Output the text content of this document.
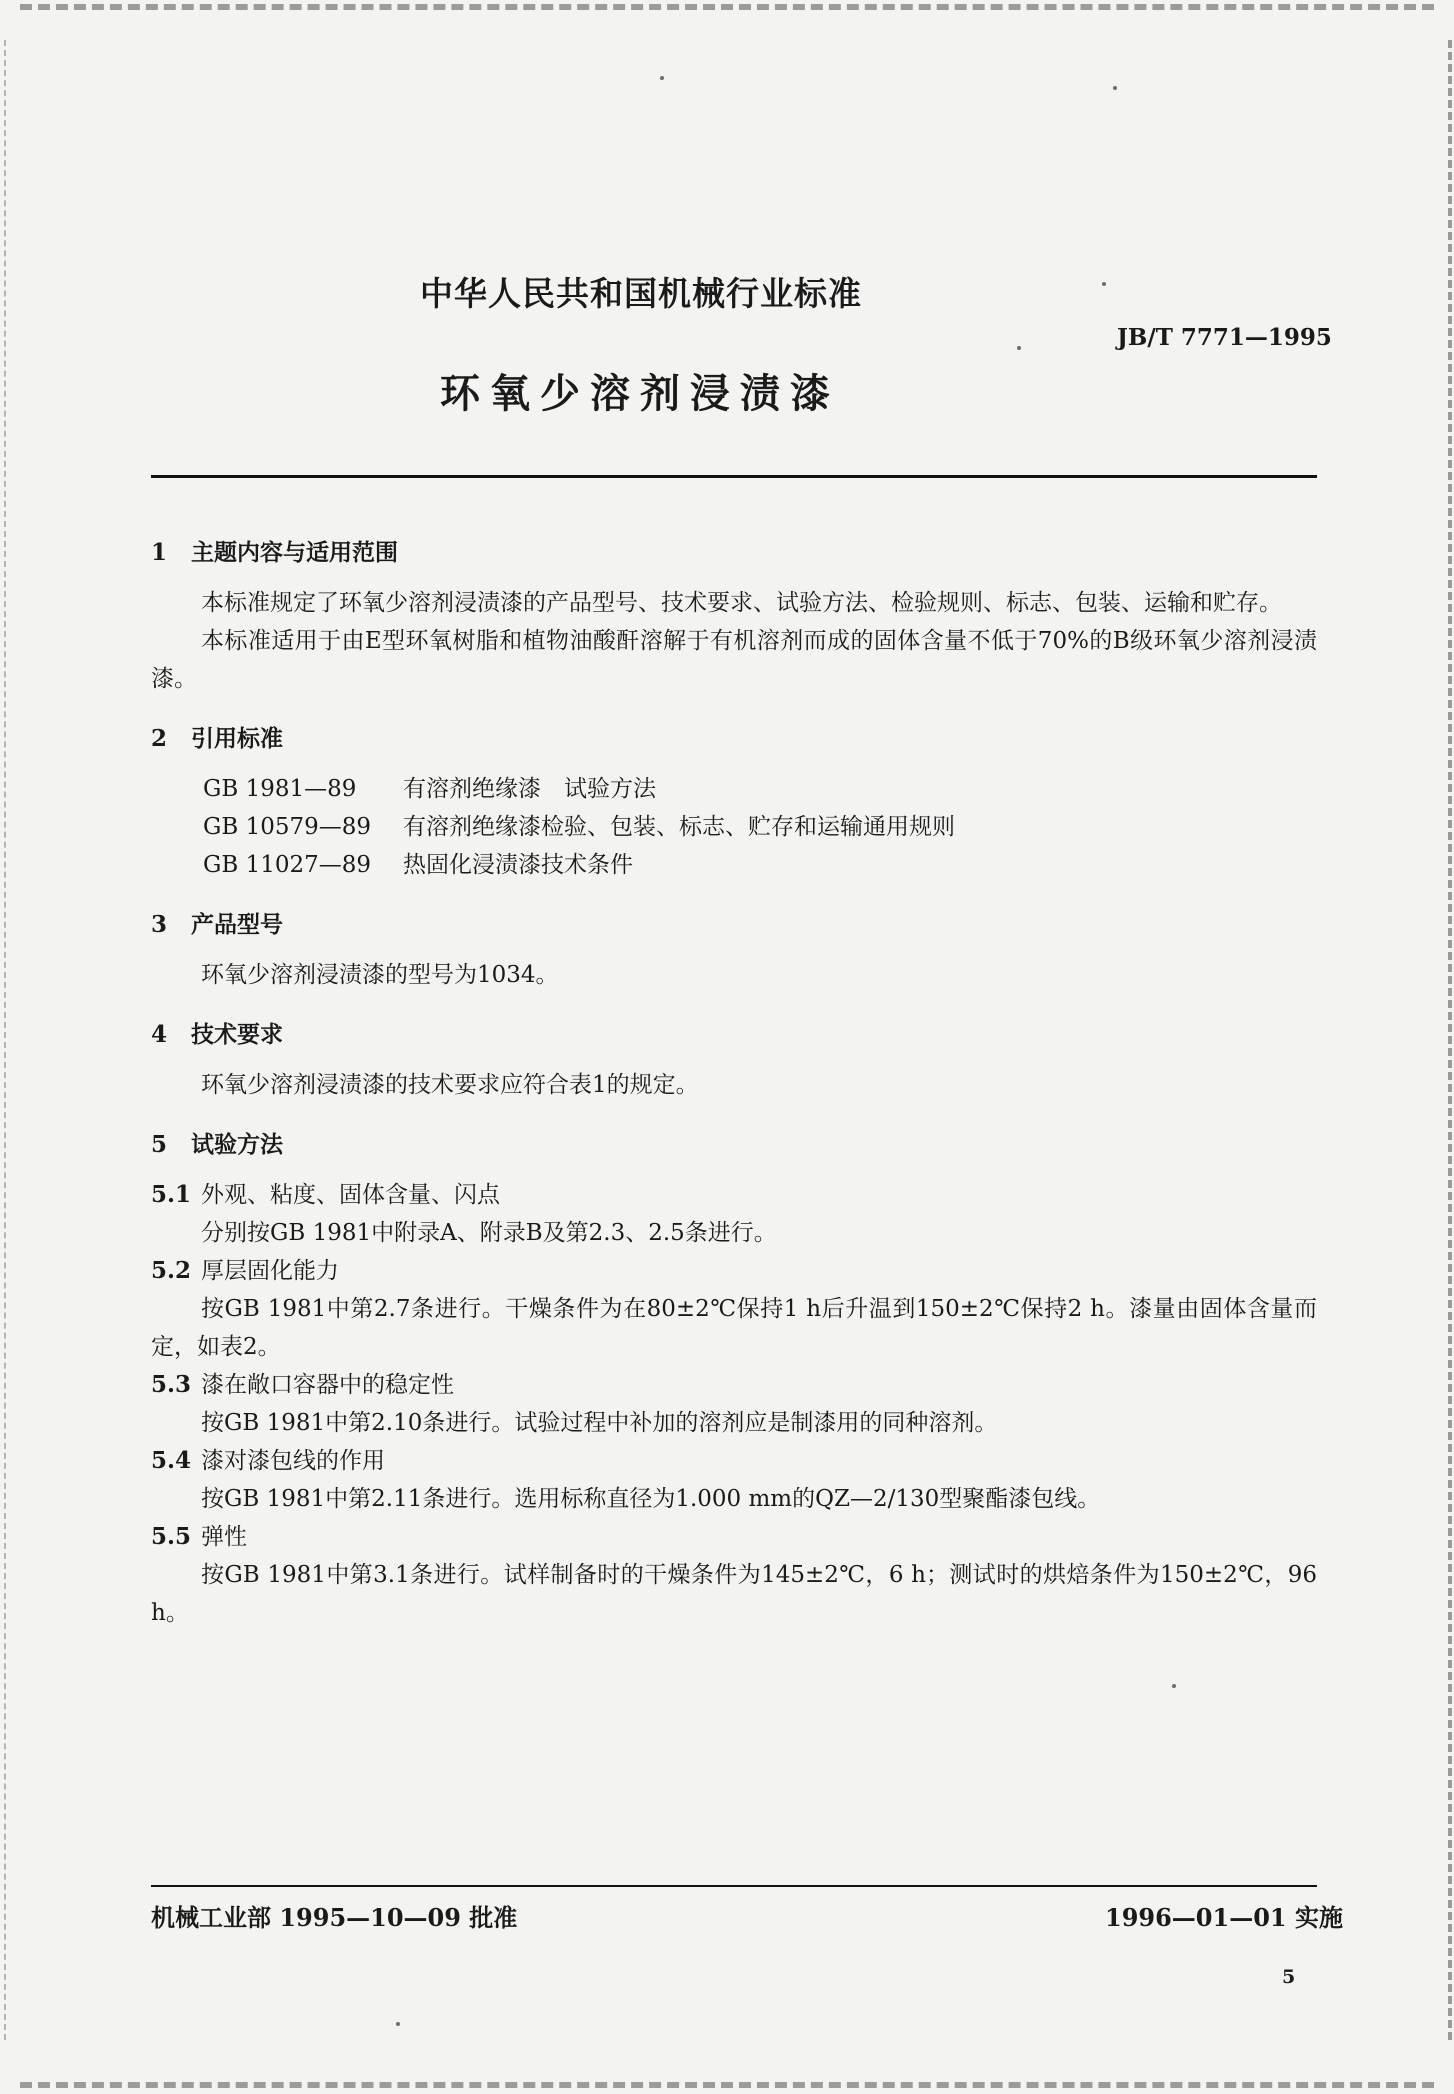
中华人民共和国机械行业标准
JB/T 7771—1995
环氧少溶剂浸渍漆

1 主题内容与适用范围

本标准规定了环氧少溶剂浸渍漆的产品型号、技术要求、试验方法、检验规则、标志、包装、运输和贮存。

本标准适用于由E型环氧树脂和植物油酸酐溶解于有机溶剂而成的固体含量不低于70%的B级环氧少溶剂浸渍漆。

2 引用标准

GB 1981—89	有溶剂绝缘漆　试验方法
GB 10579—89	有溶剂绝缘漆检验、包装、标志、贮存和运输通用规则
GB 11027—89	热固化浸渍漆技术条件

3 产品型号

环氧少溶剂浸渍漆的型号为1034。

4 技术要求

环氧少溶剂浸渍漆的技术要求应符合表1的规定。

5 试验方法

5.1 外观、粘度、固体含量、闪点

分别按GB 1981中附录A、附录B及第2.3、2.5条进行。

5.2 厚层固化能力

按GB 1981中第2.7条进行。干燥条件为在80±2℃保持1 h后升温到150±2℃保持2 h。漆量由固体含量而定，如表2。

5.3 漆在敞口容器中的稳定性

按GB 1981中第2.10条进行。试验过程中补加的溶剂应是制漆用的同种溶剂。

5.4 漆对漆包线的作用

按GB 1981中第2.11条进行。选用标称直径为1.000 mm的QZ—2/130型聚酯漆包线。

5.5 弹性

按GB 1981中第3.1条进行。试样制备时的干燥条件为145±2℃，6 h；测试时的烘焙条件为150±2℃，96 h。

机械工业部 1995—10—09 批准	1996—01—01 实施
5
